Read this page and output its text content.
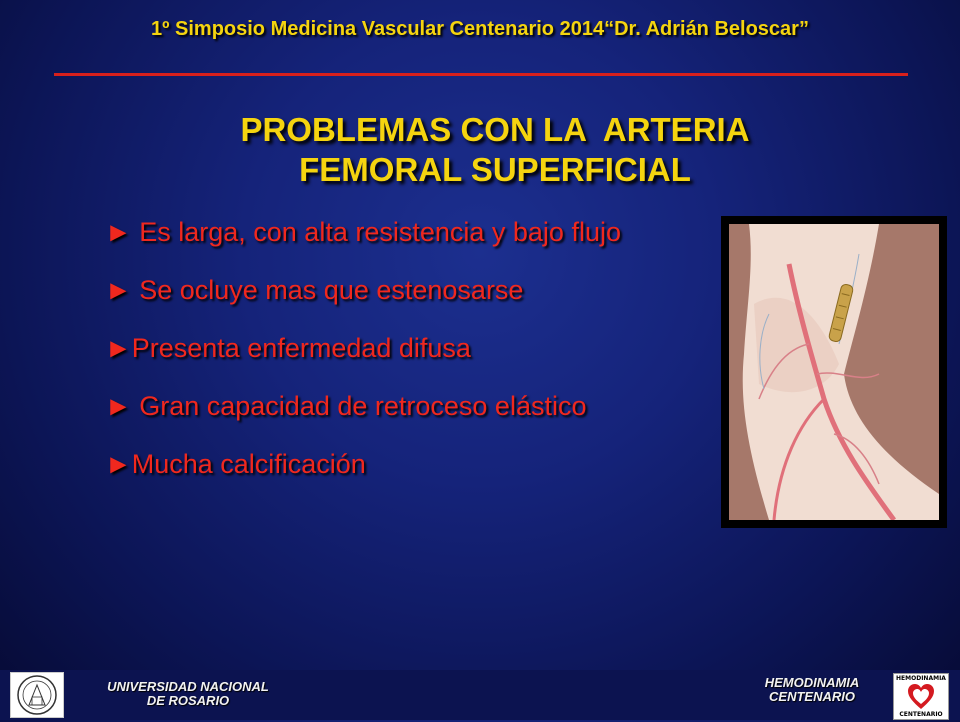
1º Simposio Medicina Vascular Centenario 2014“Dr. Adrián Beloscar”
PROBLEMAS CON LA  ARTERIA
FEMORAL SUPERFICIAL
► Es larga, con alta resistencia y bajo flujo
► Se ocluye mas que estenosarse
►Presenta enfermedad difusa
► Gran capacidad de retroceso elástico
►Mucha calcificación
UNIVERSIDAD NACIONAL
DE ROSARIO
HEMODINAMIA
CENTENARIO
HEMODINAMIA
CENTENARIO
